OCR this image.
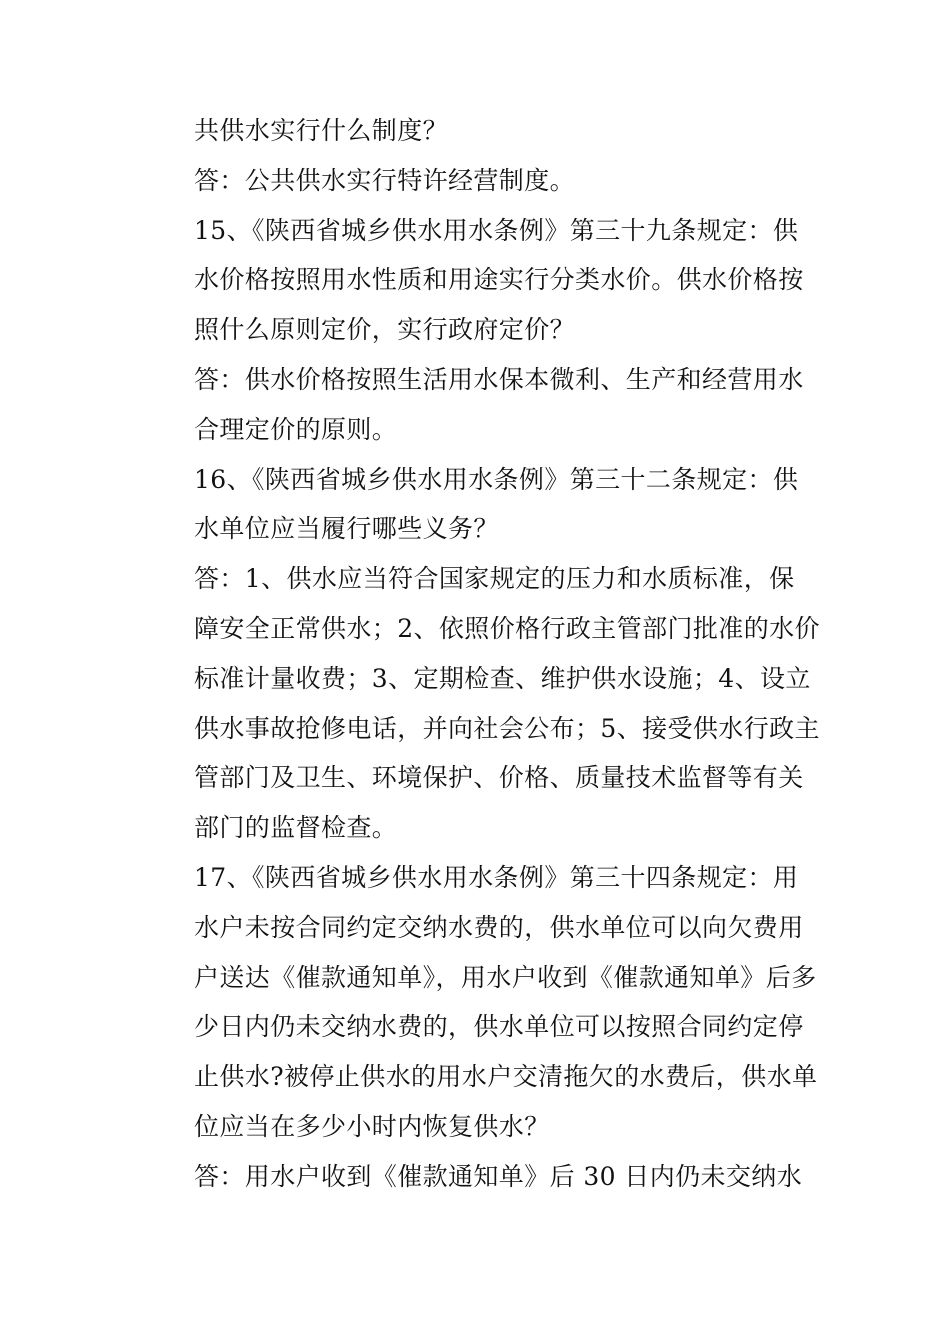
共供水实行什么制度？
答：公共供水实行特许经营制度。
15、《陕西省城乡供水用水条例》第三十九条规定：供
水价格按照用水性质和用途实行分类水价。供水价格按
照什么原则定价，实行政府定价？
答：供水价格按照生活用水保本微利、生产和经营用水
合理定价的原则。
16、《陕西省城乡供水用水条例》第三十二条规定：供
水单位应当履行哪些义务？
答：1、供水应当符合国家规定的压力和水质标准，保
障安全正常供水；2、依照价格行政主管部门批准的水价
标准计量收费；3、定期检查、维护供水设施；4、设立
供水事故抢修电话，并向社会公布；5、接受供水行政主
管部门及卫生、环境保护、价格、质量技术监督等有关
部门的监督检查。
17、《陕西省城乡供水用水条例》第三十四条规定：用
水户未按合同约定交纳水费的，供水单位可以向欠费用
户送达《催款通知单》，用水户收到《催款通知单》后多
少日内仍未交纳水费的，供水单位可以按照合同约定停
止供水?被停止供水的用水户交清拖欠的水费后，供水单
位应当在多少小时内恢复供水？
答：用水户收到《催款通知单》后 30 日内仍未交纳水
